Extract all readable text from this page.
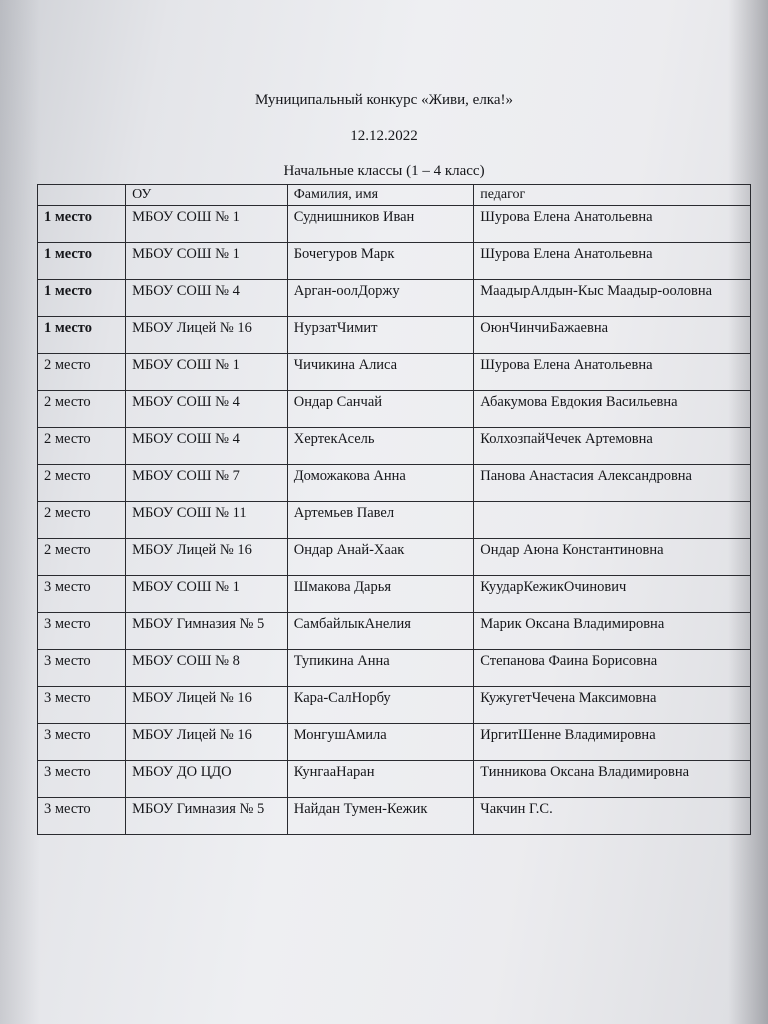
Муниципальный конкурс «Живи, елка!»
12.12.2022
Начальные классы (1 – 4 класс)
	ОУ	Фамилия, имя	педагог
1 место	МБОУ СОШ № 1	Суднишников Иван	Шурова Елена Анатольевна
1 место	МБОУ СОШ № 1	Бочегуров Марк	Шурова Елена Анатольевна
1 место	МБОУ СОШ № 4	Арган-оолДоржу	МаадырАлдын-Кыс Маадыр-ооловна
1 место	МБОУ Лицей № 16	НурзатЧимит	ОюнЧинчиБажаевна
2 место	МБОУ СОШ № 1	Чичикина Алиса	Шурова Елена Анатольевна
2 место	МБОУ СОШ № 4	Ондар Санчай	Абакумова Евдокия Васильевна
2 место	МБОУ СОШ № 4	ХертекАсель	КолхозпайЧечек Артемовна
2 место	МБОУ СОШ № 7	Доможакова Анна	Панова Анастасия Александровна
2 место	МБОУ СОШ № 11	Артемьев Павел	
2 место	МБОУ Лицей № 16	Ондар Анай-Хаак	Ондар Аюна Константиновна
3 место	МБОУ СОШ № 1	Шмакова Дарья	КуударКежикОчинович
3 место	МБОУ Гимназия № 5	СамбайлыкАнелия	Марик Оксана Владимировна
3 место	МБОУ СОШ № 8	Тупикина Анна	Степанова Фаина Борисовна
3 место	МБОУ Лицей № 16	Кара-СалНорбу	КужугетЧечена Максимовна
3 место	МБОУ Лицей № 16	МонгушАмила	ИргитШенне Владимировна
3 место	МБОУ ДО ЦДО	КунгааНаран	Тинникова Оксана Владимировна
3 место	МБОУ Гимназия № 5	Найдан Тумен-Кежик	Чакчин Г.С.
